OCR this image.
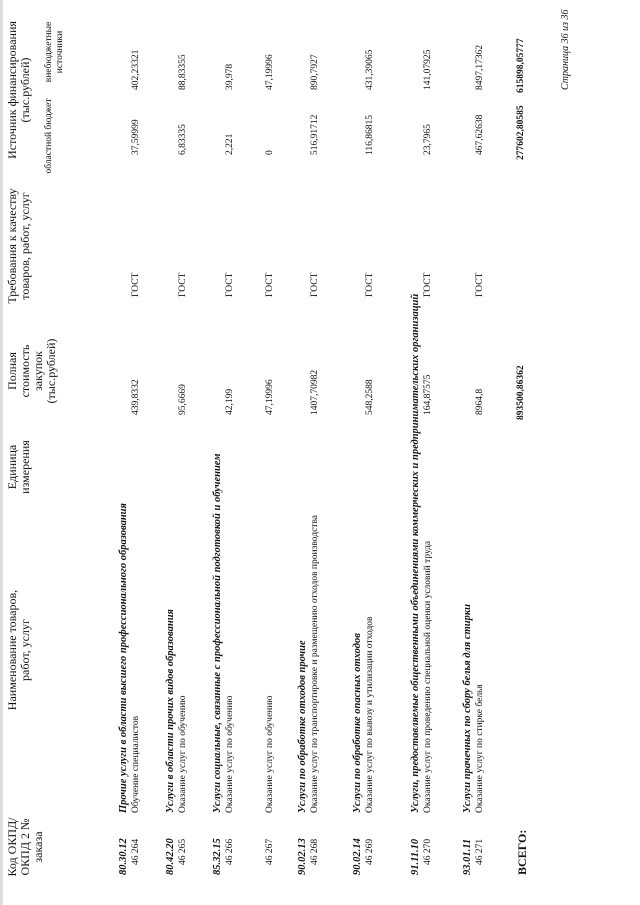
Код ОКПД/ ОКПД 2 № заказа
Наименование товаров, работ, услуг
Единица измерения
Полная стоимость закупок (тыс.рублей)
Требования к качеству товаров, работ, услуг
Источник финансирования (тыс.рублей)
областной бюджет
внебюджетные источники
80.30.12
Прочие услуги в области высшего профессионального образования
46 264
Обучение специалистов
439,8332
ГОСТ
37,59999
402,23321
80.42.20
Услуги в области прочих видов образования
46 265
Оказание услуг по обучению
95,6669
ГОСТ
6,83335
88,83355
85.32.15
Услуги социальные, связанные с профессиональной подготовкой и обучением
46 266
Оказание услуг по обучению
42,199
ГОСТ
2,221
39,978
46 267
Оказание услуг по обучению
47,19996
ГОСТ
0
47,19996
90.02.13
Услуги по обработке отходов прочие
46 268
Оказание услуг по транспортировке и размещению отходов производства
1407,70982
ГОСТ
516,91712
890,7927
90.02.14
Услуги по обработке опасных отходов
46 269
Оказание услуг по вывозу и утилизации отходов
548,2588
ГОСТ
116,86815
431,39065
91.11.10
Услуги, предоставляемые общественными объединениями коммерческих и предпринимательских организаций
46 270
Оказание услуг по проведению специальной оценки условий труда
164,87575
ГОСТ
23,7965
141,07925
93.01.11
Услуги прачечных по сбору белья для стирки
46 271
Оказание услуг по стирке белья
8964,8
ГОСТ
467,62638
8497,17362
ВСЕГО:
893500,86362
277602,80585
615898,05777	Страница 36 из 36
